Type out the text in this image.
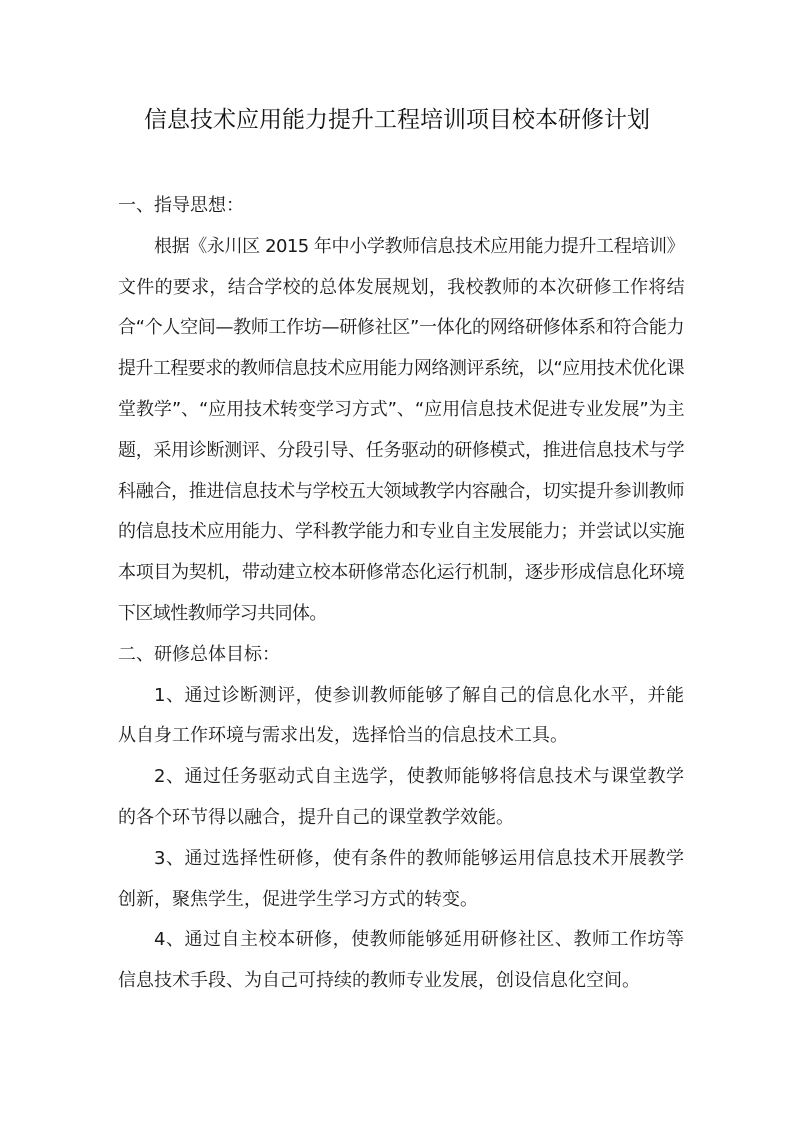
信息技术应用能力提升工程培训项目校本研修计划

一、指导思想：

根据《永川区 2015 年中小学教师信息技术应用能力提升工程培训》文件的要求，结合学校的总体发展规划，我校教师的本次研修工作将结合“个人空间—教师工作坊—研修社区”一体化的网络研修体系和符合能力提升工程要求的教师信息技术应用能力网络测评系统，以“应用技术优化课堂教学”、“应用技术转变学习方式”、“应用信息技术促进专业发展”为主题，采用诊断测评、分段引导、任务驱动的研修模式，推进信息技术与学科融合，推进信息技术与学校五大领域教学内容融合，切实提升参训教师的信息技术应用能力、学科教学能力和专业自主发展能力；并尝试以实施本项目为契机，带动建立校本研修常态化运行机制，逐步形成信息化环境下区域性教师学习共同体。

二、研修总体目标：

1、通过诊断测评，使参训教师能够了解自己的信息化水平，并能从自身工作环境与需求出发，选择恰当的信息技术工具。

2、通过任务驱动式自主选学，使教师能够将信息技术与课堂教学的各个环节得以融合，提升自己的课堂教学效能。

3、通过选择性研修，使有条件的教师能够运用信息技术开展教学创新，聚焦学生，促进学生学习方式的转变。

4、通过自主校本研修，使教师能够延用研修社区、教师工作坊等信息技术手段、为自己可持续的教师专业发展，创设信息化空间。
